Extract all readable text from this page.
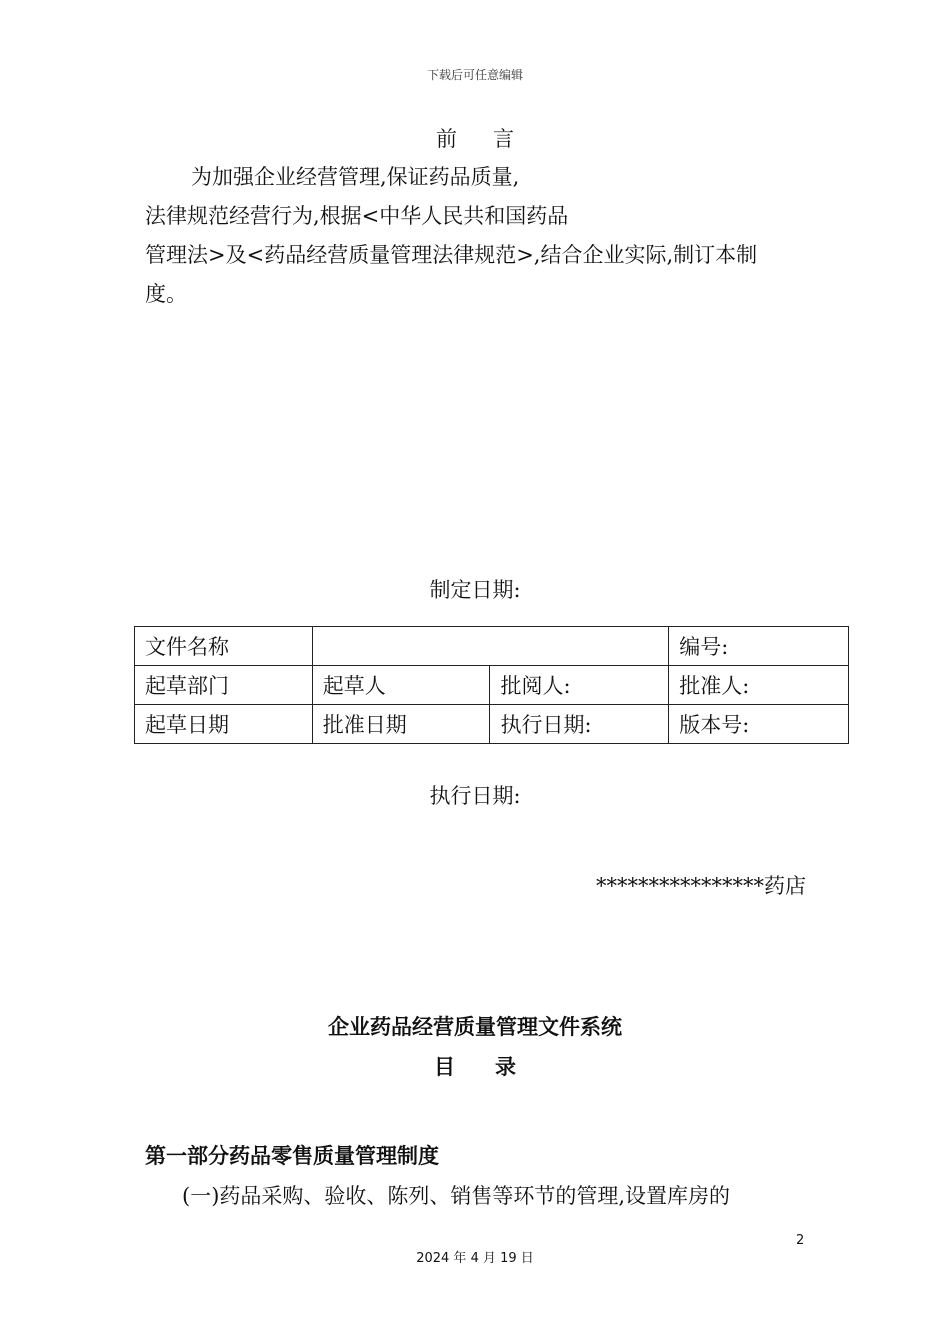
下载后可任意编辑
前 言
为加强企业经营管理,保证药品质量,
法律规范经营行为,根据<中华人民共和国药品
管理法>及<药品经营质量管理法律规范>,结合企业实际,制订本制
度。
制定日期:
文件名称			编号:
起草部门	起草人	批阅人:	批准人:
起草日期	批准日期	执行日期:	版本号:
执行日期:
****************药店
企业药品经营质量管理文件系统
目 录
第一部分药品零售质量管理制度
(一)药品采购、验收、陈列、销售等环节的管理,设置库房的
2
2024 年 4 月 19 日
